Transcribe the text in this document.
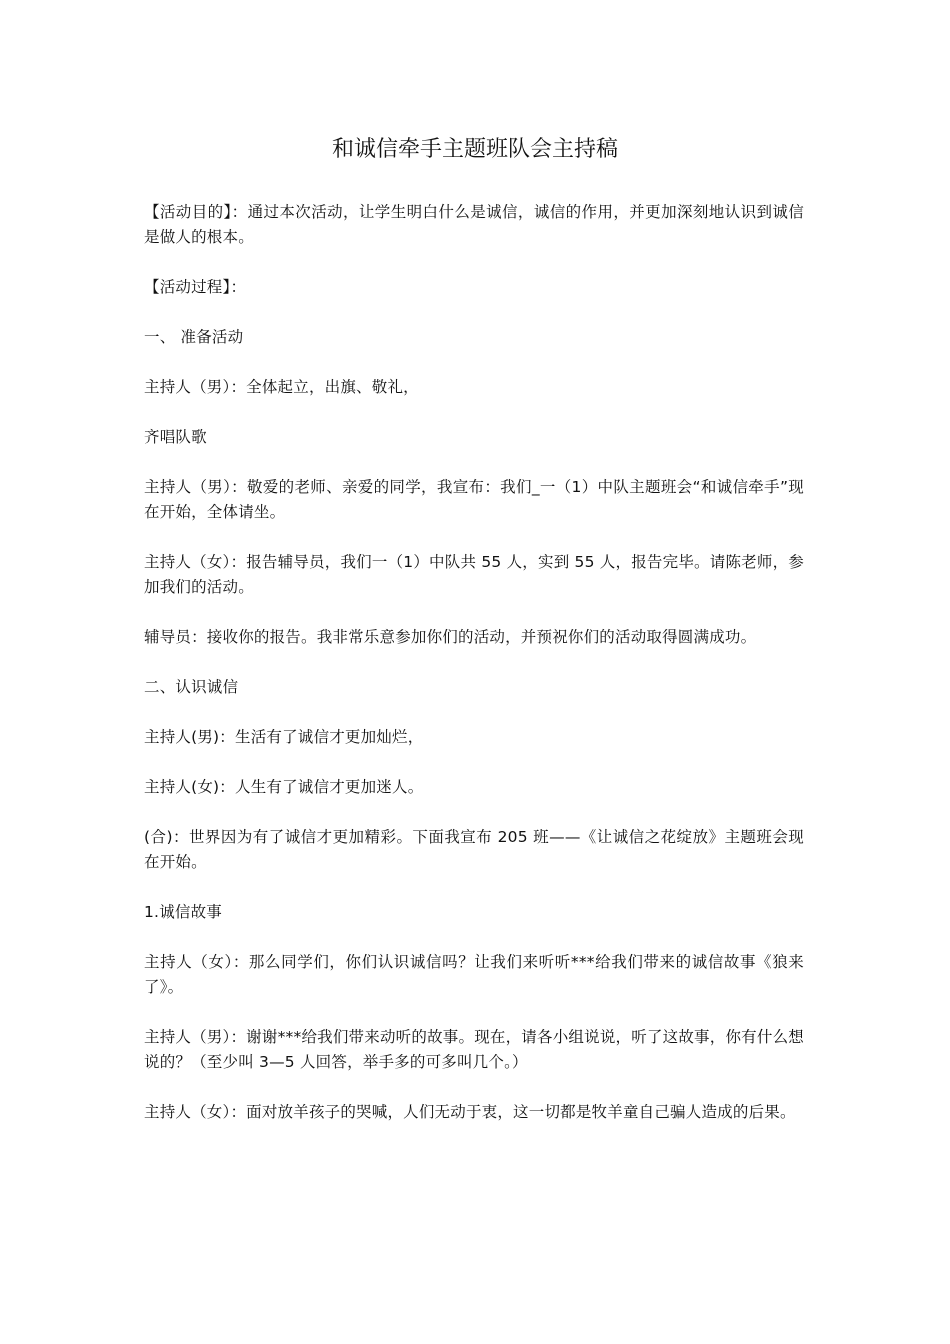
和诚信牵手主题班队会主持稿

【活动目的】：通过本次活动，让学生明白什么是诚信，诚信的作用，并更加深刻地认识到诚信是做人的根本。

【活动过程】：

一、 准备活动

主持人（男）：全体起立，出旗、敬礼，

齐唱队歌

主持人（男）：敬爱的老师、亲爱的同学，我宣布：我们_一（1）中队主题班会“和诚信牵手”现在开始，全体请坐。

主持人（女）：报告辅导员，我们一（1）中队共 55 人，实到 55 人，报告完毕。请陈老师，参加我们的活动。

辅导员：接收你的报告。我非常乐意参加你们的活动，并预祝你们的活动取得圆满成功。

二、认识诚信

主持人(男)：生活有了诚信才更加灿烂，

主持人(女)：人生有了诚信才更加迷人。

(合)：世界因为有了诚信才更加精彩。下面我宣布 205 班——《让诚信之花绽放》主题班会现在开始。

1.诚信故事

主持人（女）：那么同学们，你们认识诚信吗？让我们来听听***给我们带来的诚信故事《狼来了》。

主持人（男）：谢谢***给我们带来动听的故事。现在，请各小组说说，听了这故事，你有什么想说的？（至少叫 3—5 人回答，举手多的可多叫几个。）

主持人（女）：面对放羊孩子的哭喊，人们无动于衷，这一切都是牧羊童自己骗人造成的后果。
